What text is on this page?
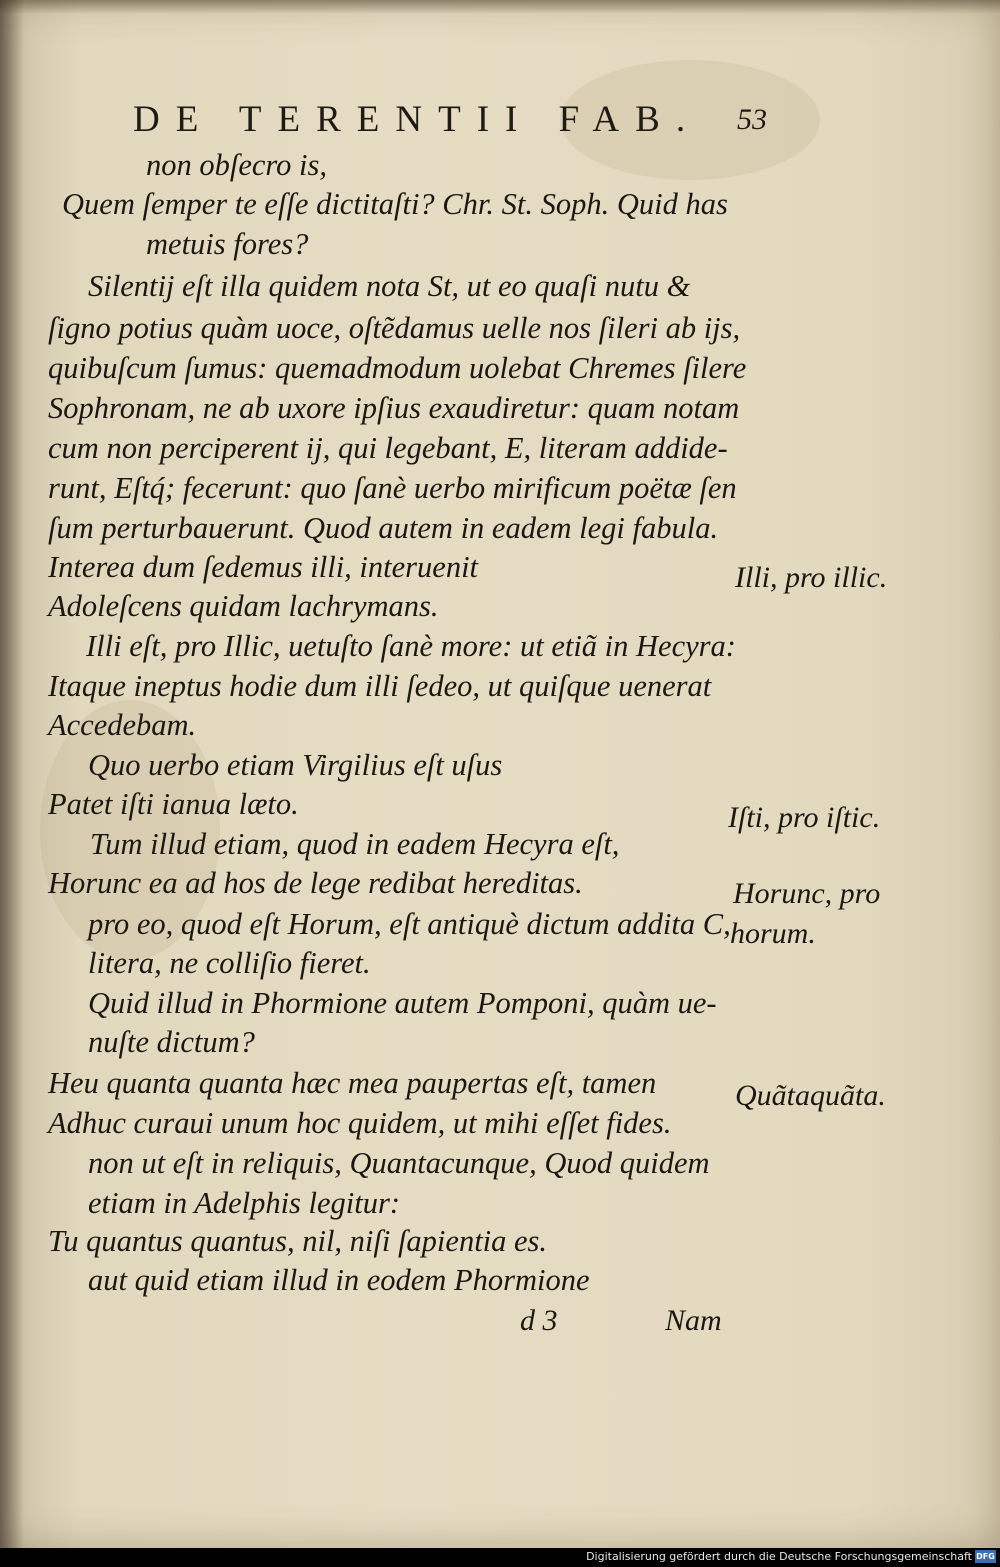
DE TERENTII FAB. 53
non obſecro is,
Quem ſemper te eſſe dictitaſti? Chr. St. Soph. Quid has
metuis fores?
Silentij eſt illa quidem nota St, ut eo quaſi nutu &
ſigno potius quàm uoce, oſtẽdamus uelle nos ſileri ab ijs,
quibuſcum ſumus: quemadmodum uolebat Chremes ſilere
Sophronam, ne ab uxore ipſius exaudiretur: quam notam
cum non perciperent ij, qui legebant, E, literam addide-
runt, Eſtq́; fecerunt: quo ſanè uerbo mirificum poëtæ ſen
ſum perturbauerunt. Quod autem in eadem legi fabula.
Interea dum ſedemus illi, interuenit
Adoleſcens quidam lachrymans.
Illi eſt, pro Illic, uetuſto ſanè more: ut etiã in Hecyra:
Itaque ineptus hodie dum illi ſedeo, ut quiſque uenerat
Accedebam.
Quo uerbo etiam Virgilius eſt uſus
Patet iſti ianua læto.
Tum illud etiam, quod in eadem Hecyra eſt,
Horunc ea ad hos de lege redibat hereditas.
pro eo, quod eſt Horum, eſt antiquè dictum addita C,
litera, ne colliſio fieret.
Quid illud in Phormione autem Pomponi, quàm ue-
nuſte dictum?
Heu quanta quanta hæc mea paupertas eſt, tamen
Adhuc curaui unum hoc quidem, ut mihi eſſet fides.
non ut eſt in reliquis, Quantacunque, Quod quidem
etiam in Adelphis legitur:
Tu quantus quantus, nil, niſi ſapientia es.
aut quid etiam illud in eodem Phormione
Illi, pro illic.
Iſti, pro iſtic.
Horunc, pro
horum.
Quãtaquãta.
d 3	Nam
Digitalisierung gefördert durch die Deutsche Forschungsgemeinschaft DFG
